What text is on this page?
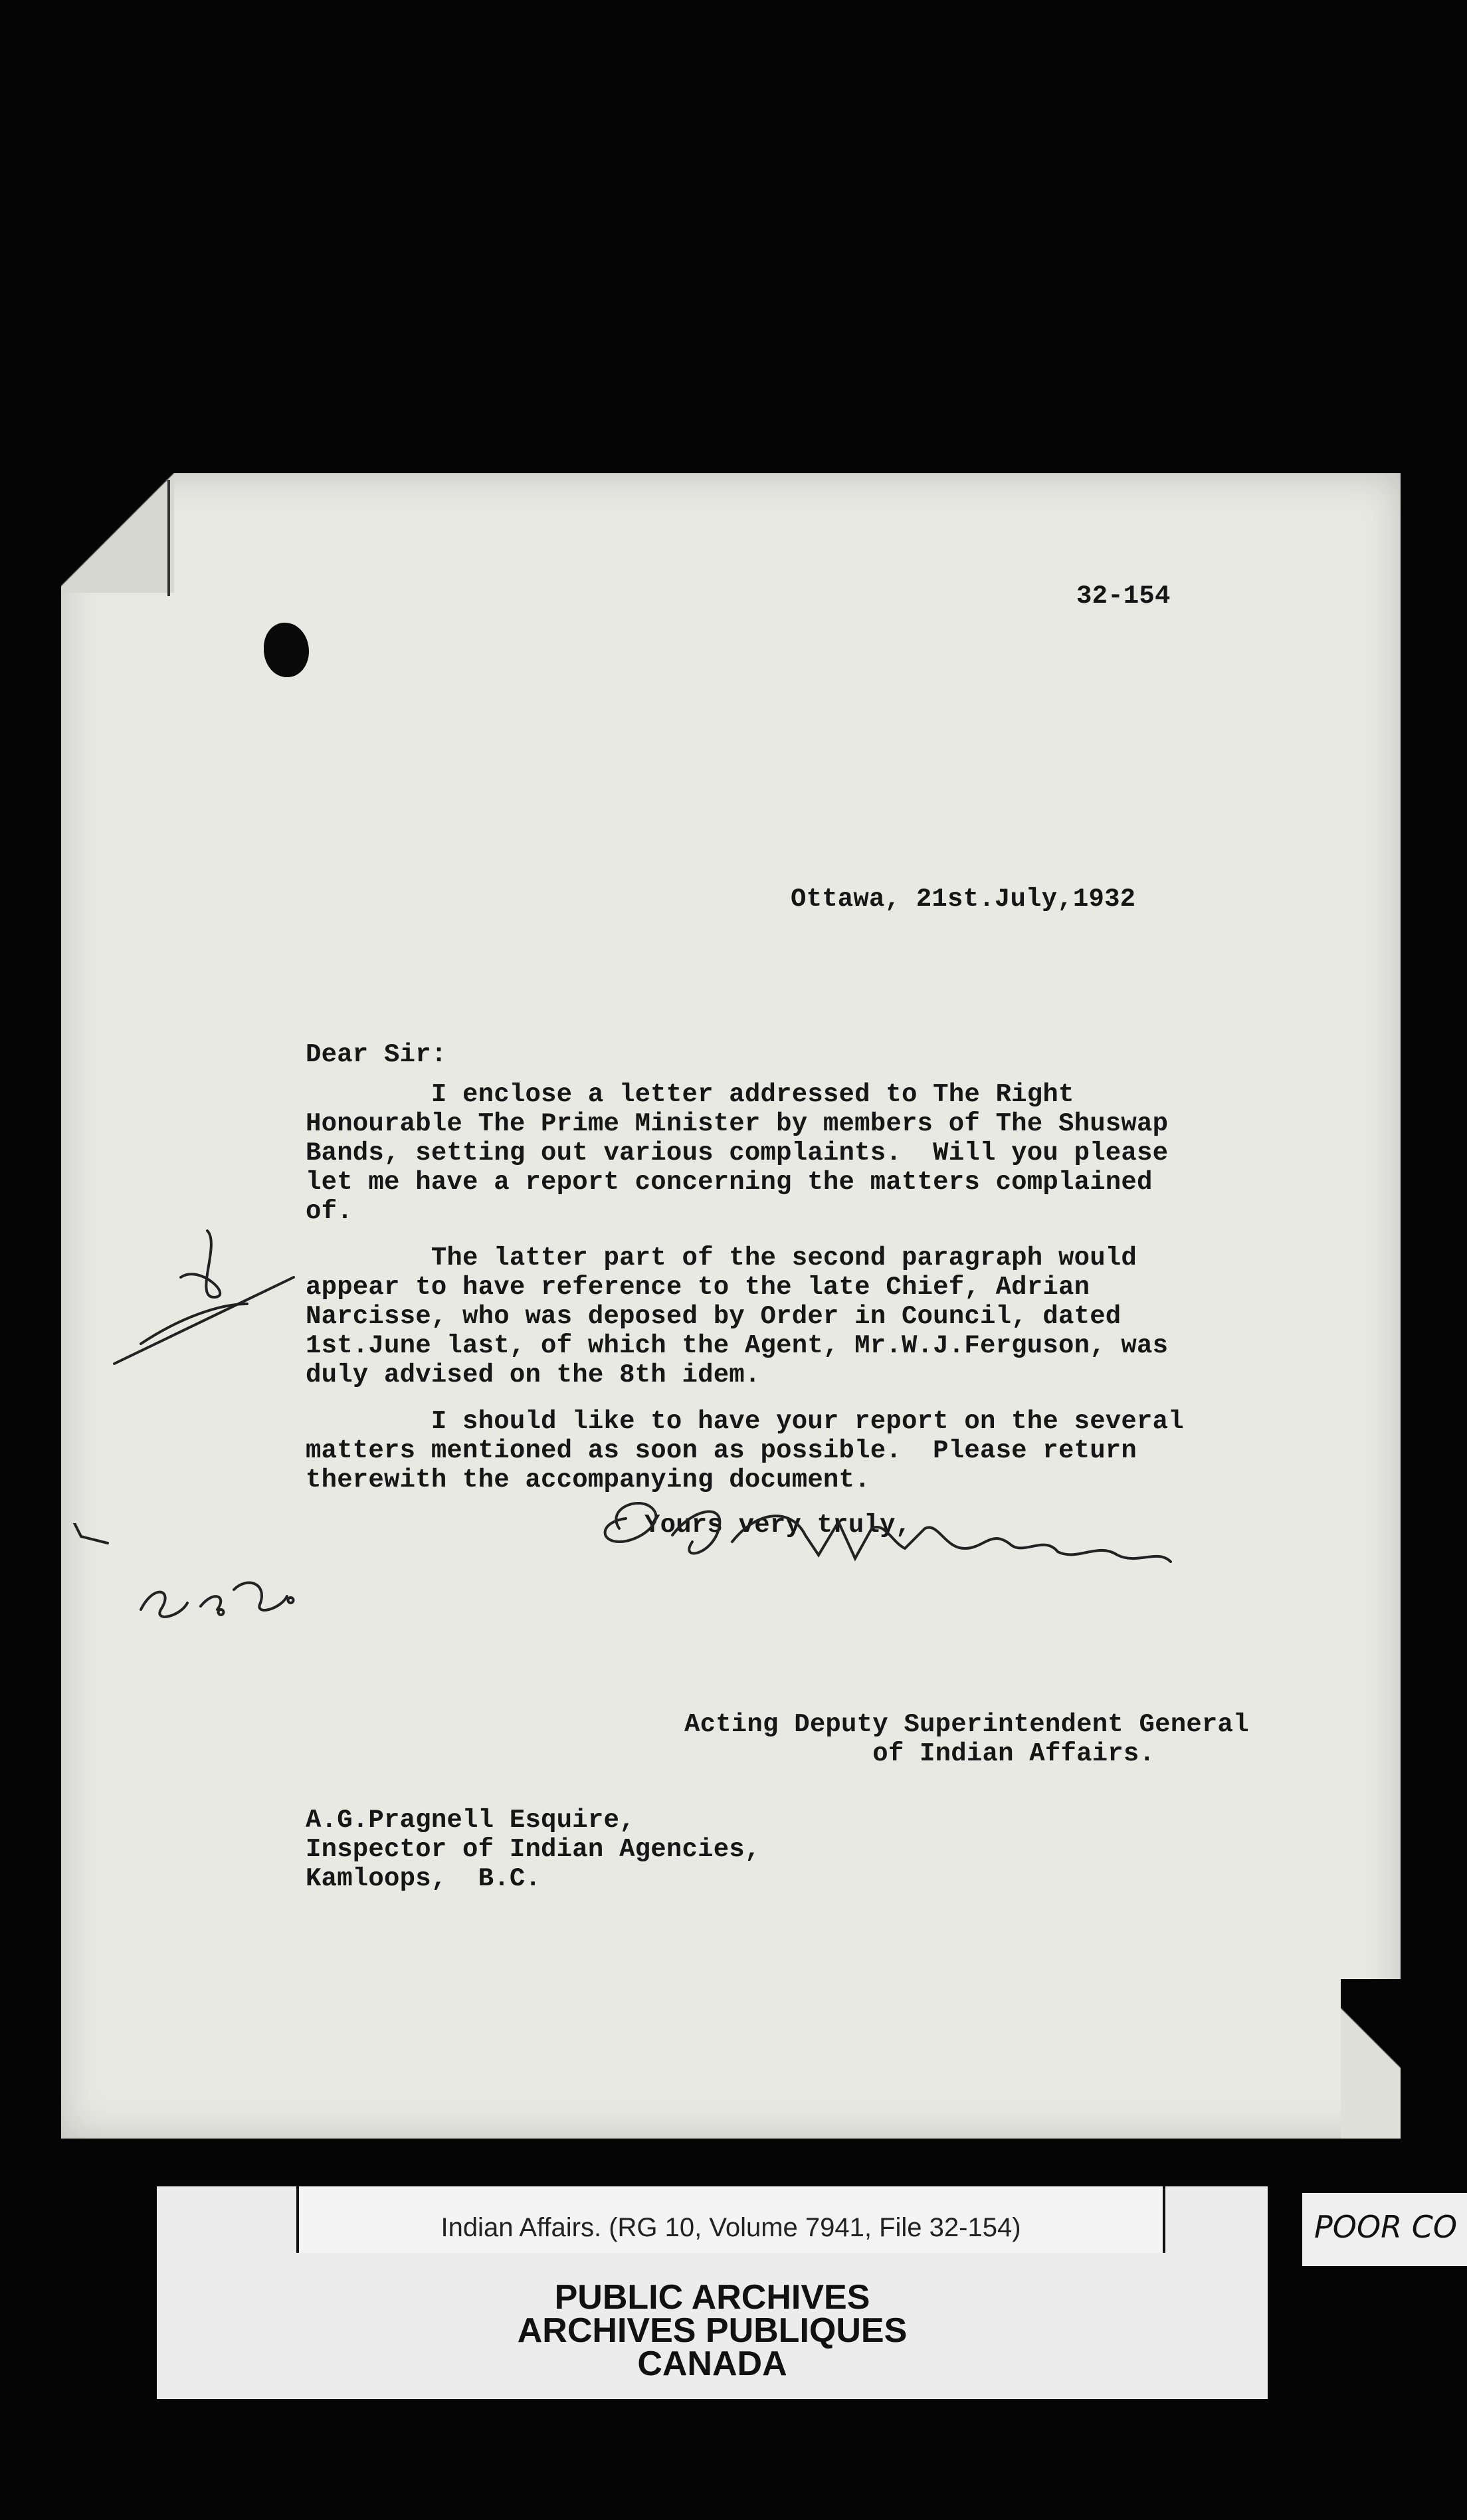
32-154

Ottawa, 21st.July,1932

Dear Sir:

I enclose a letter addressed to The Right

Honourable The Prime Minister by members of The Shuswap

Bands, setting out various complaints.  Will you please

let me have a report concerning the matters complained

of.

The latter part of the second paragraph would

appear to have reference to the late Chief, Adrian

Narcisse, who was deposed by Order in Council, dated

1st.June last, of which the Agent, Mr.W.J.Ferguson, was

duly advised on the 8th idem.

I should like to have your report on the several

matters mentioned as soon as possible.  Please return

therewith the accompanying document.

Yours very truly,

Acting Deputy Superintendent General

of Indian Affairs.

A.G.Pragnell Esquire,

Inspector of Indian Agencies,

Kamloops,  B.C.

Indian Affairs. (RG 10, Volume 7941, File 32-154)
PUBLIC ARCHIVES
ARCHIVES PUBLIQUES
CANADA
POOR CO
